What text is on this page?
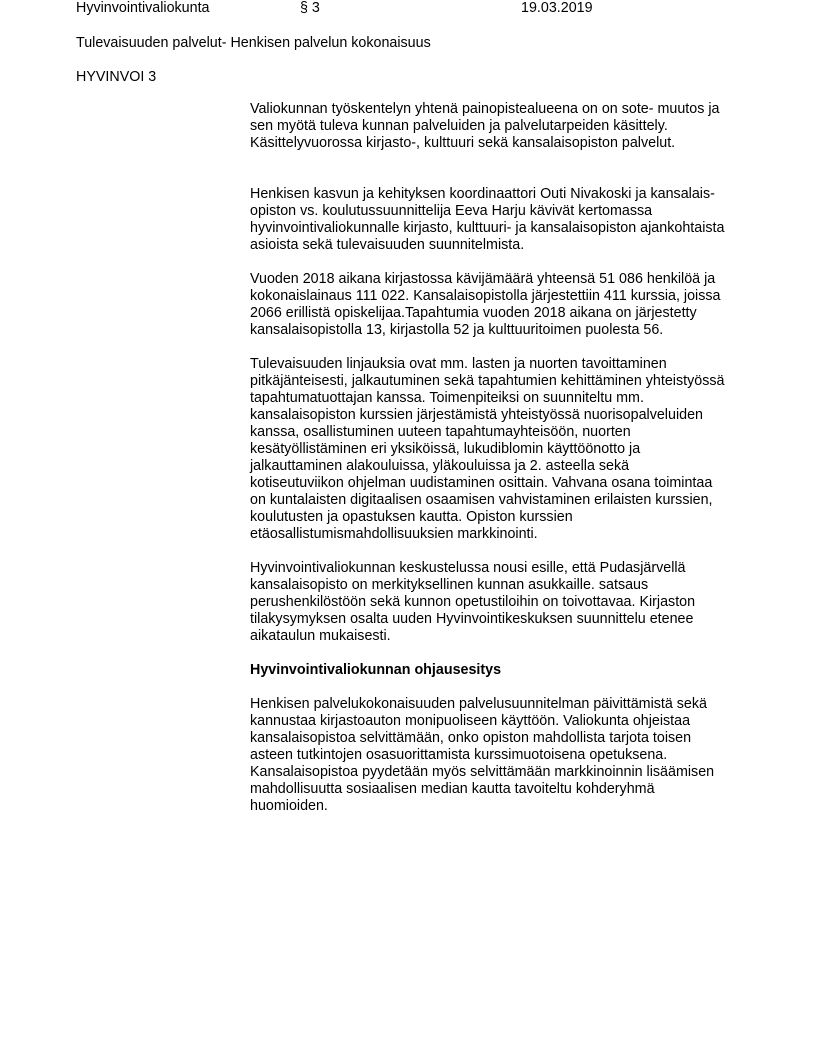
Hyvinvointivaliokunta	§ 3	19.03.2019
Tulevaisuuden palvelut- Henkisen palvelun kokonaisuus
HYVINVOI 3

Valiokunnan työskentelyn yhtenä painopistealueena on on sote- muutos ja
sen myötä tuleva kunnan palveluiden ja palvelutarpeiden käsittely.
Käsittelyvuorossa kirjasto-, kulttuuri sekä kansalaisopiston palvelut.

Henkisen kasvun ja kehityksen koordinaattori Outi Nivakoski ja kansalais-
opiston vs. koulutussuunnittelija Eeva Harju kävivät kertomassa
hyvinvointivaliokunnalle kirjasto, kulttuuri- ja kansalaisopiston ajankohtaista
asioista sekä tulevaisuuden suunnitelmista.

Vuoden 2018 aikana kirjastossa kävijämäärä yhteensä 51 086 henkilöä ja
kokonaislainaus 111 022. Kansalaisopistolla järjestettiin 411 kurssia, joissa
2066 erillistä opiskelijaa.Tapahtumia vuoden 2018 aikana on järjestetty
kansalaisopistolla 13, kirjastolla 52 ja kulttuuritoimen puolesta 56.

Tulevaisuuden linjauksia ovat mm. lasten ja nuorten tavoittaminen
pitkäjänteisesti, jalkautuminen sekä tapahtumien kehittäminen yhteistyössä
tapahtumatuottajan kanssa. Toimenpiteiksi on suunniteltu mm.
kansalaisopiston kurssien järjestämistä yhteistyössä nuorisopalveluiden
kanssa, osallistuminen uuteen tapahtumayhteisöön, nuorten
kesätyöllistäminen eri yksiköissä, lukudiblomin käyttöönotto ja
jalkauttaminen alakouluissa, yläkouluissa ja 2. asteella sekä
kotiseutuviikon ohjelman uudistaminen osittain. Vahvana osana toimintaa
on kuntalaisten digitaalisen osaamisen vahvistaminen erilaisten kurssien,
koulutusten ja opastuksen kautta. Opiston kurssien
etäosallistumismahdollisuuksien markkinointi.

Hyvinvointivaliokunnan keskustelussa nousi esille, että Pudasjärvellä
kansalaisopisto on merkityksellinen kunnan asukkaille. satsaus
perushenkilöstöön sekä kunnon opetustiloihin on toivottavaa. Kirjaston
tilakysymyksen osalta uuden Hyvinvointikeskuksen suunnittelu etenee
aikataulun mukaisesti.

Hyvinvointivaliokunnan ohjausesitys

Henkisen palvelukokonaisuuden palvelusuunnitelman päivittämistä sekä
kannustaa kirjastoauton monipuoliseen käyttöön. Valiokunta ohjeistaa
kansalaisopistoa selvittämään, onko opiston mahdollista tarjota toisen
asteen tutkintojen osasuorittamista kurssimuotoisena opetuksena.
Kansalaisopistoa pyydetään myös selvittämään markkinoinnin lisäämisen
mahdollisuutta sosiaalisen median kautta tavoiteltu kohderyhmä
huomioiden.
